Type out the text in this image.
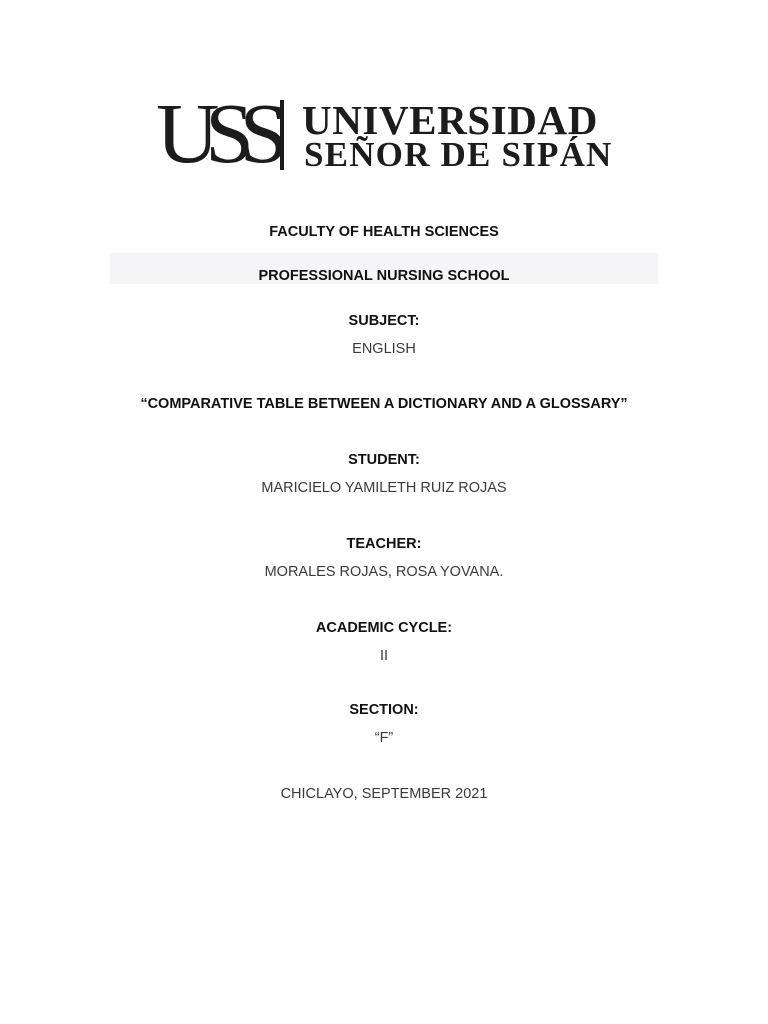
USS UNIVERSIDAD
SEÑOR DE SIPÁN
FACULTY OF HEALTH SCIENCES
PROFESSIONAL NURSING SCHOOL
SUBJECT:
ENGLISH
“COMPARATIVE TABLE BETWEEN A DICTIONARY AND A GLOSSARY”
STUDENT:
MARICIELO YAMILETH RUIZ ROJAS
TEACHER:
MORALES ROJAS, ROSA YOVANA.
ACADEMIC CYCLE:
II
SECTION:
“F”
CHICLAYO, SEPTEMBER 2021
